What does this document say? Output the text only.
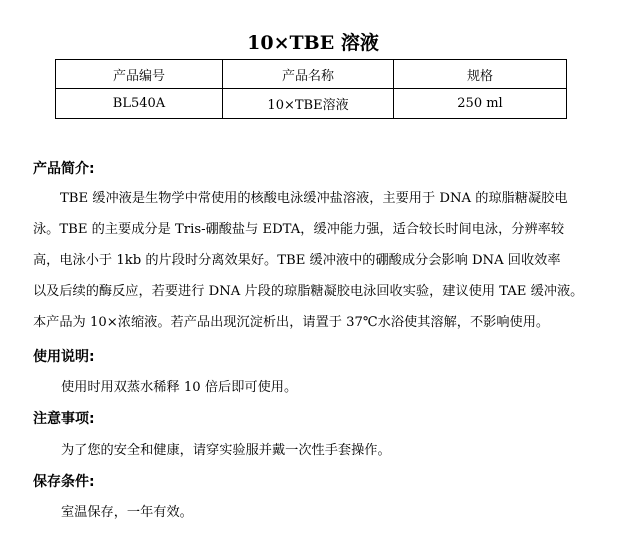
10×TBE 溶液
产品编号	产品名称	规格
BL540A	10×TBE溶液	250 ml
产品简介:
TBE 缓冲液是生物学中常使用的核酸电泳缓冲盐溶液，主要用于 DNA 的琼脂糖凝胶电
泳。TBE 的主要成分是 Tris-硼酸盐与 EDTA，缓冲能力强，适合较长时间电泳，分辨率较
高，电泳小于 1kb 的片段时分离效果好。TBE 缓冲液中的硼酸成分会影响 DNA 回收效率
以及后续的酶反应，若要进行 DNA 片段的琼脂糖凝胶电泳回收实验，建议使用 TAE 缓冲液。
本产品为 10×浓缩液。若产品出现沉淀析出，请置于 37℃水浴使其溶解，不影响使用。
使用说明:
使用时用双蒸水稀释 10 倍后即可使用。
注意事项:
为了您的安全和健康，请穿实验服并戴一次性手套操作。
保存条件:
室温保存，一年有效。
